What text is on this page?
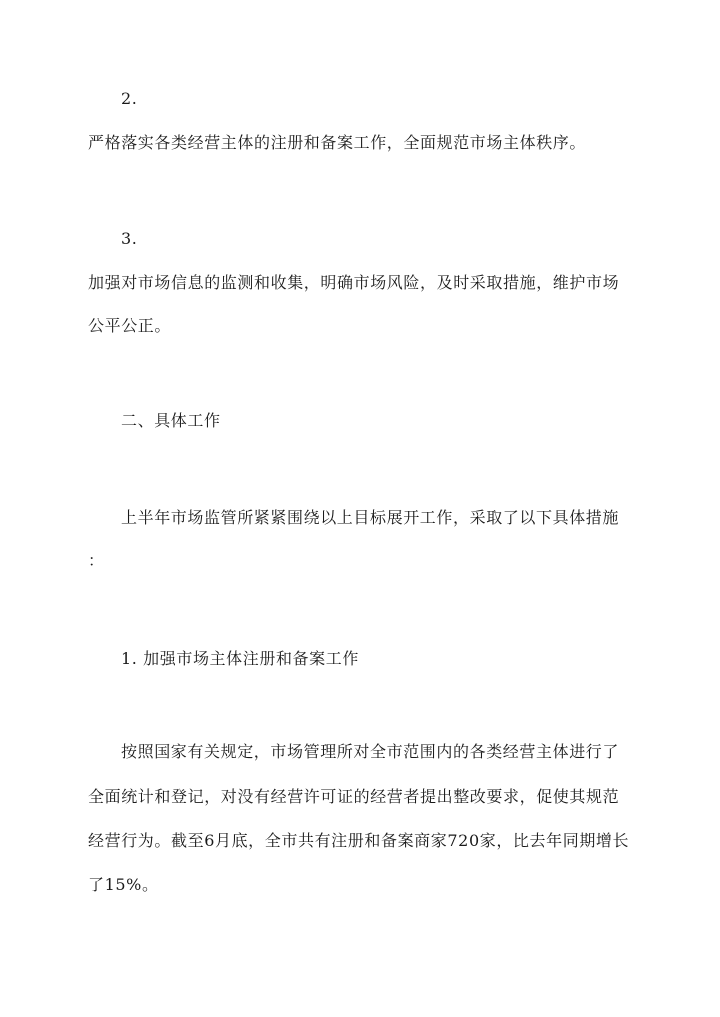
2.
严格落实各类经营主体的注册和备案工作，全面规范市场主体秩序。
3.
加强对市场信息的监测和收集，明确市场风险，及时采取措施，维护市场
公平公正。
二、具体工作
上半年市场监管所紧紧围绕以上目标展开工作，采取了以下具体措施
：
1. 加强市场主体注册和备案工作
按照国家有关规定，市场管理所对全市范围内的各类经营主体进行了
全面统计和登记，对没有经营许可证的经营者提出整改要求，促使其规范
经营行为。截至6月底，全市共有注册和备案商家720家，比去年同期增长
了15%。
